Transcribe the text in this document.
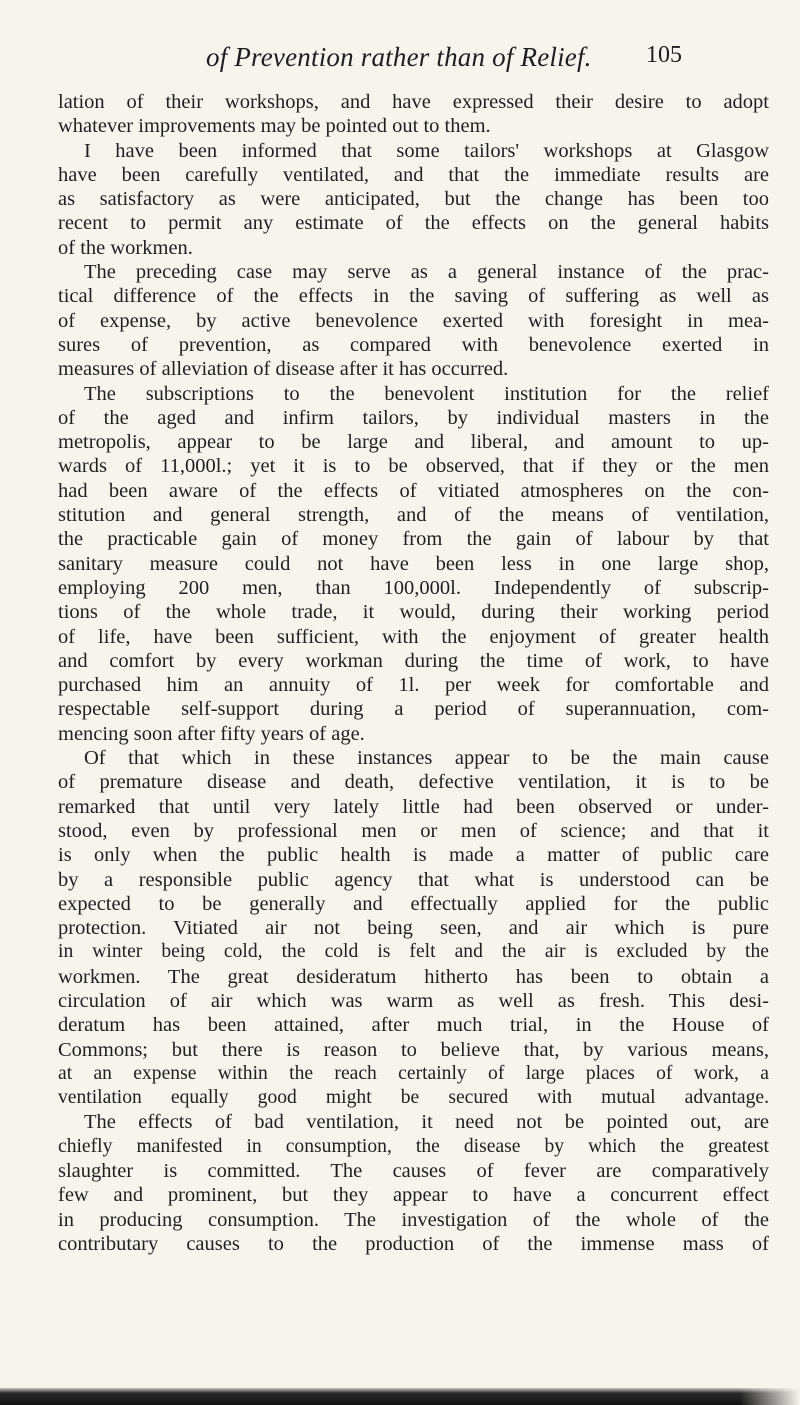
of Prevention rather than of Relief. 105
lation of their workshops, and have expressed their desire to adopt
whatever improvements may be pointed out to them.
I have been informed that some tailors' workshops at Glasgow
have been carefully ventilated, and that the immediate results are
as satisfactory as were anticipated, but the change has been too
recent to permit any estimate of the effects on the general habits
of the workmen.
The preceding case may serve as a general instance of the prac-
tical difference of the effects in the saving of suffering as well as
of expense, by active benevolence exerted with foresight in mea-
sures of prevention, as compared with benevolence exerted in
measures of alleviation of disease after it has occurred.
The subscriptions to the benevolent institution for the relief
of the aged and infirm tailors, by individual masters in the
metropolis, appear to be large and liberal, and amount to up-
wards of 11,000l.; yet it is to be observed, that if they or the men
had been aware of the effects of vitiated atmospheres on the con-
stitution and general strength, and of the means of ventilation,
the practicable gain of money from the gain of labour by that
sanitary measure could not have been less in one large shop,
employing 200 men, than 100,000l. Independently of subscrip-
tions of the whole trade, it would, during their working period
of life, have been sufficient, with the enjoyment of greater health
and comfort by every workman during the time of work, to have
purchased him an annuity of 1l. per week for comfortable and
respectable self-support during a period of superannuation, com-
mencing soon after fifty years of age.
Of that which in these instances appear to be the main cause
of premature disease and death, defective ventilation, it is to be
remarked that until very lately little had been observed or under-
stood, even by professional men or men of science; and that it
is only when the public health is made a matter of public care
by a responsible public agency that what is understood can be
expected to be generally and effectually applied for the public
protection. Vitiated air not being seen, and air which is pure
in winter being cold, the cold is felt and the air is excluded by the
workmen. The great desideratum hitherto has been to obtain a
circulation of air which was warm as well as fresh. This desi-
deratum has been attained, after much trial, in the House of
Commons; but there is reason to believe that, by various means,
at an expense within the reach certainly of large places of work, a
ventilation equally good might be secured with mutual advantage.
The effects of bad ventilation, it need not be pointed out, are
chiefly manifested in consumption, the disease by which the greatest
slaughter is committed. The causes of fever are comparatively
few and prominent, but they appear to have a concurrent effect
in producing consumption. The investigation of the whole of the
contributary causes to the production of the immense mass of
